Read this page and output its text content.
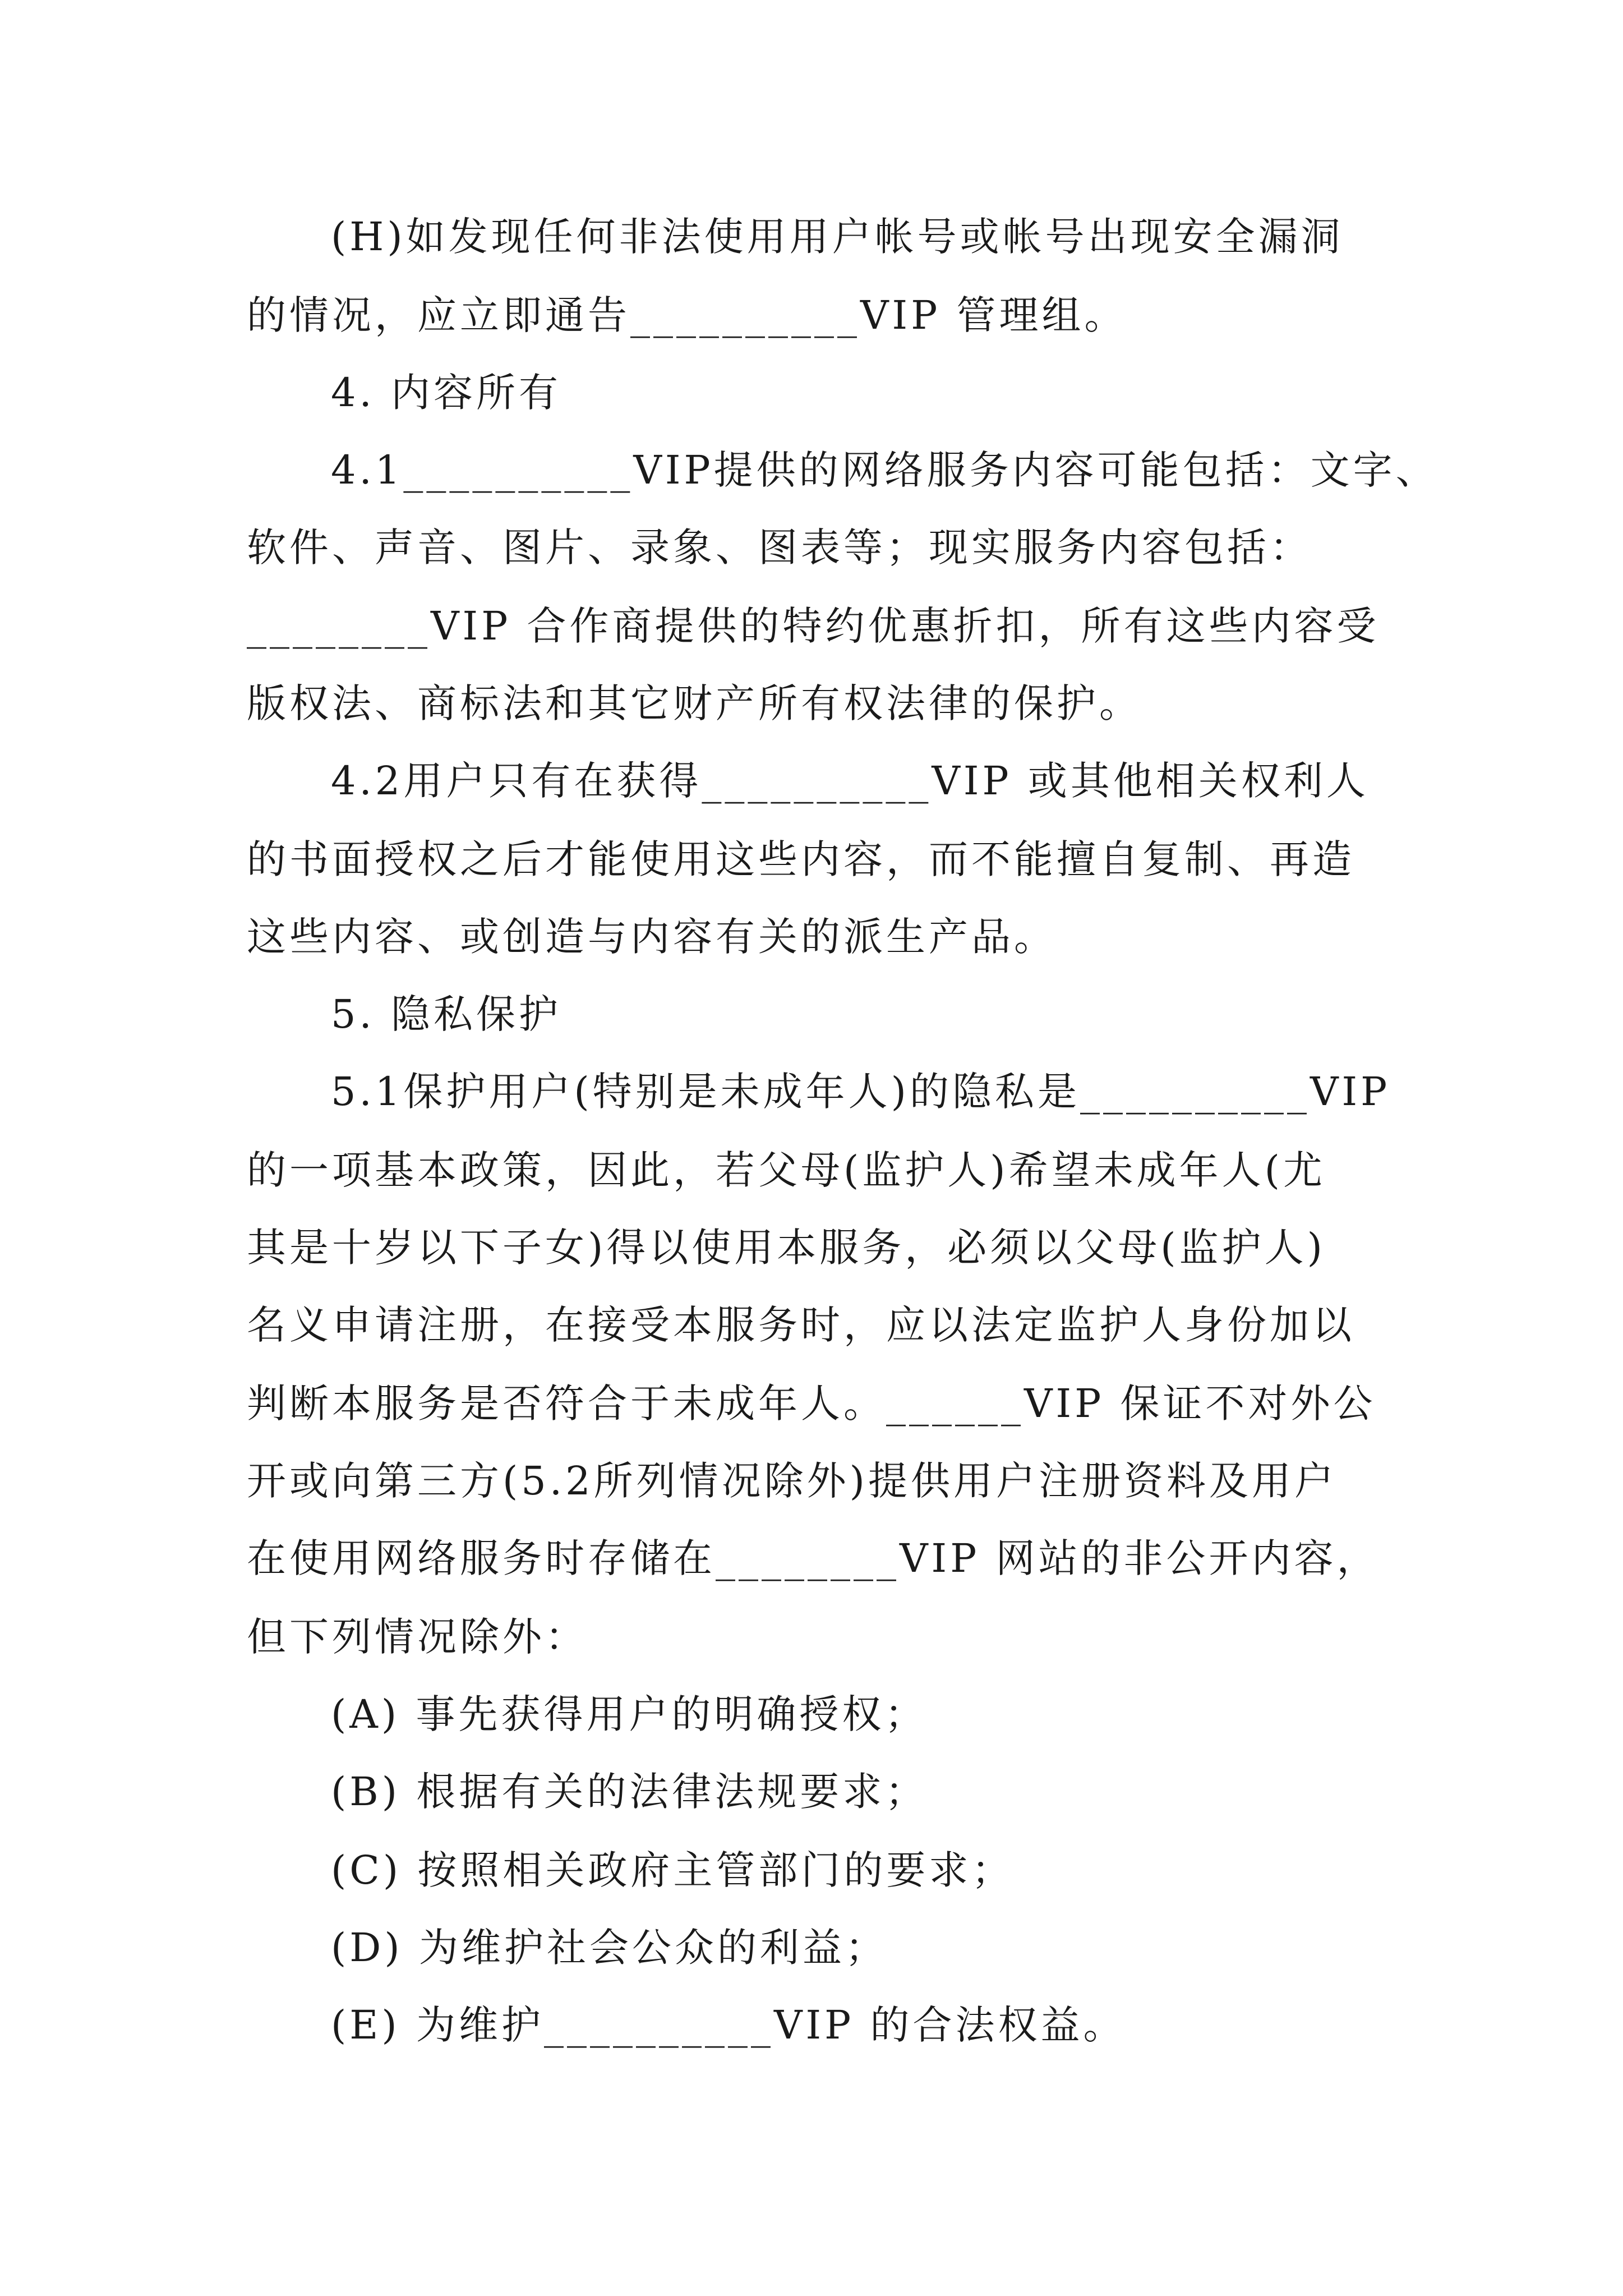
(H)如发现任何非法使用用户帐号或帐号出现安全漏洞
的情况，应立即通告__________VIP 管理组。
4. 内容所有
4.1__________VIP提供的网络服务内容可能包括：文字、
软件、声音、图片、录象、图表等；现实服务内容包括：
________VIP 合作商提供的特约优惠折扣，所有这些内容受
版权法、商标法和其它财产所有权法律的保护。
4.2用户只有在获得__________VIP 或其他相关权利人
的书面授权之后才能使用这些内容，而不能擅自复制、再造
这些内容、或创造与内容有关的派生产品。
5. 隐私保护
5.1保护用户(特别是未成年人)的隐私是__________VIP
的一项基本政策，因此，若父母(监护人)希望未成年人(尤
其是十岁以下子女)得以使用本服务，必须以父母(监护人)
名义申请注册，在接受本服务时，应以法定监护人身份加以
判断本服务是否符合于未成年人。______VIP 保证不对外公
开或向第三方(5.2所列情况除外)提供用户注册资料及用户
在使用网络服务时存储在________VIP 网站的非公开内容，
但下列情况除外：
(A) 事先获得用户的明确授权；
(B) 根据有关的法律法规要求；
(C) 按照相关政府主管部门的要求；
(D) 为维护社会公众的利益；
(E) 为维护__________VIP 的合法权益。
